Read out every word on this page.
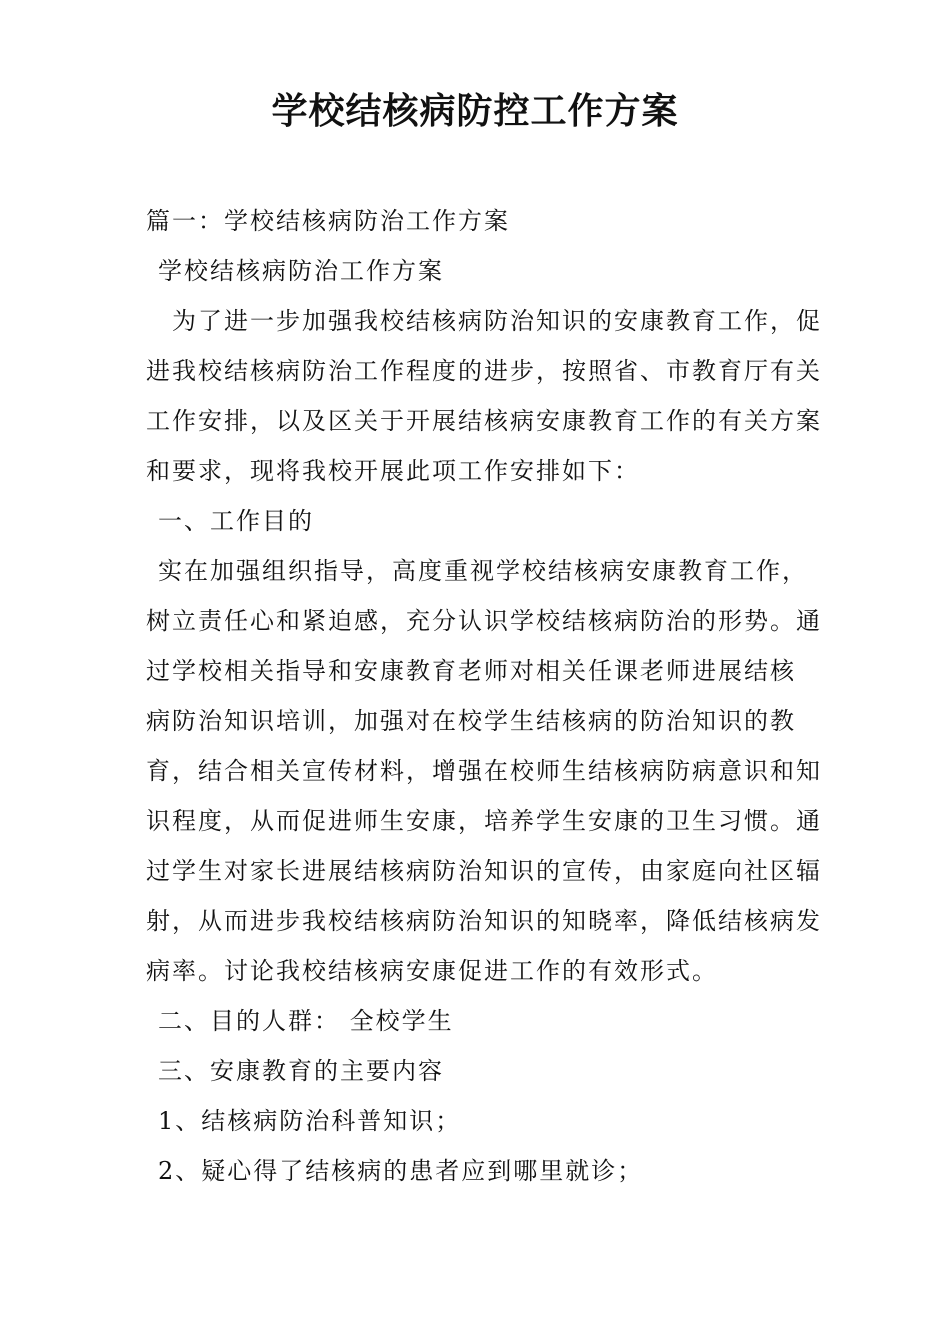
学校结核病防控工作方案

篇一：学校结核病防治工作方案

学校结核病防治工作方案

为了进一步加强我校结核病防治知识的安康教育工作，促

进我校结核病防治工作程度的进步，按照省、市教育厅有关

工作安排，以及区关于开展结核病安康教育工作的有关方案

和要求，现将我校开展此项工作安排如下：

一、工作目的

实在加强组织指导，高度重视学校结核病安康教育工作，

树立责任心和紧迫感，充分认识学校结核病防治的形势。通

过学校相关指导和安康教育老师对相关任课老师进展结核

病防治知识培训，加强对在校学生结核病的防治知识的教

育，结合相关宣传材料，增强在校师生结核病防病意识和知

识程度，从而促进师生安康，培养学生安康的卫生习惯。通

过学生对家长进展结核病防治知识的宣传，由家庭向社区辐

射，从而进步我校结核病防治知识的知晓率，降低结核病发

病率。讨论我校结核病安康促进工作的有效形式。

二、目的人群： 全校学生

三、安康教育的主要内容

1、结核病防治科普知识；

2、疑心得了结核病的患者应到哪里就诊；
